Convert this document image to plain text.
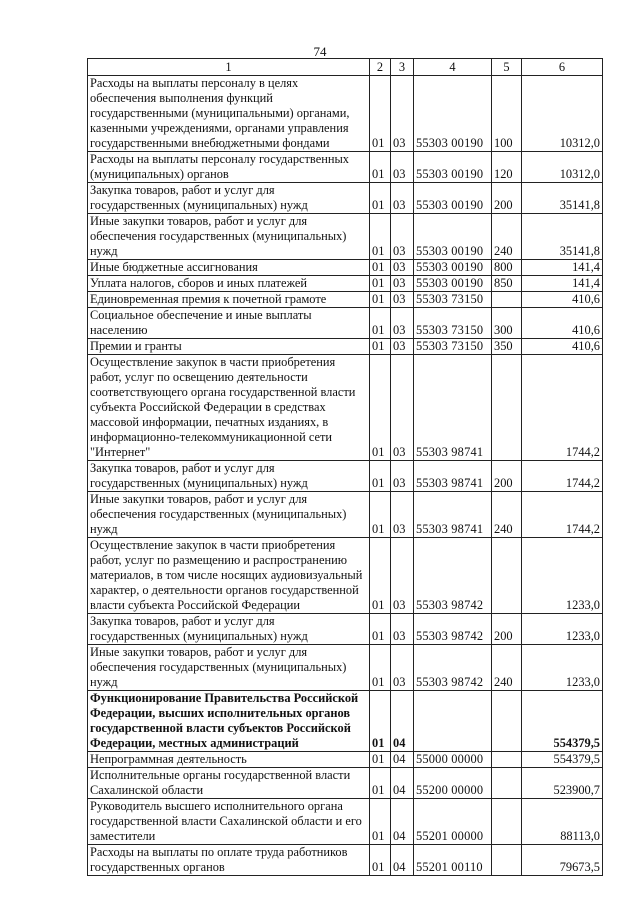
74
1	2	3	4	5	6
Расходы на выплаты персоналу в целях обеспечения выполнения функций государственными (муниципальными) органами, казенными учреждениями, органами управления государственными внебюджетными фондами	01	03	55303 00190	100	10312,0
Расходы на выплаты персоналу государственных (муниципальных) органов	01	03	55303 00190	120	10312,0
Закупка товаров, работ и услуг для государственных (муниципальных) нужд	01	03	55303 00190	200	35141,8
Иные закупки товаров, работ и услуг для обеспечения государственных (муниципальных) нужд	01	03	55303 00190	240	35141,8
Иные бюджетные ассигнования	01	03	55303 00190	800	141,4
Уплата налогов, сборов и иных платежей	01	03	55303 00190	850	141,4
Единовременная премия к почетной грамоте	01	03	55303 73150		410,6
Социальное обеспечение и иные выплаты населению	01	03	55303 73150	300	410,6
Премии и гранты	01	03	55303 73150	350	410,6
Осуществление закупок в части приобретения работ, услуг по освещению деятельности соответствующего органа государственной власти субъекта Российской Федерации в средствах массовой информации, печатных изданиях, в информационно-телекоммуникационной сети "Интернет"	01	03	55303 98741		1744,2
Закупка товаров, работ и услуг для государственных (муниципальных) нужд	01	03	55303 98741	200	1744,2
Иные закупки товаров, работ и услуг для обеспечения государственных (муниципальных) нужд	01	03	55303 98741	240	1744,2
Осуществление закупок в части приобретения работ, услуг по размещению и распространению материалов, в том числе носящих аудиовизуальный характер, о деятельности органов государственной власти субъекта Российской Федерации	01	03	55303 98742		1233,0
Закупка товаров, работ и услуг для государственных (муниципальных) нужд	01	03	55303 98742	200	1233,0
Иные закупки товаров, работ и услуг для обеспечения государственных (муниципальных) нужд	01	03	55303 98742	240	1233,0
Функционирование Правительства Российской Федерации, высших исполнительных органов государственной власти субъектов Российской Федерации, местных администраций	01	04			554379,5
Непрограммная деятельность	01	04	55000 00000		554379,5
Исполнительные органы государственной власти Сахалинской области	01	04	55200 00000		523900,7
Руководитель высшего исполнительного органа государственной власти Сахалинской области и его заместители	01	04	55201 00000		88113,0
Расходы на выплаты по оплате труда работников государственных органов	01	04	55201 00110		79673,5
